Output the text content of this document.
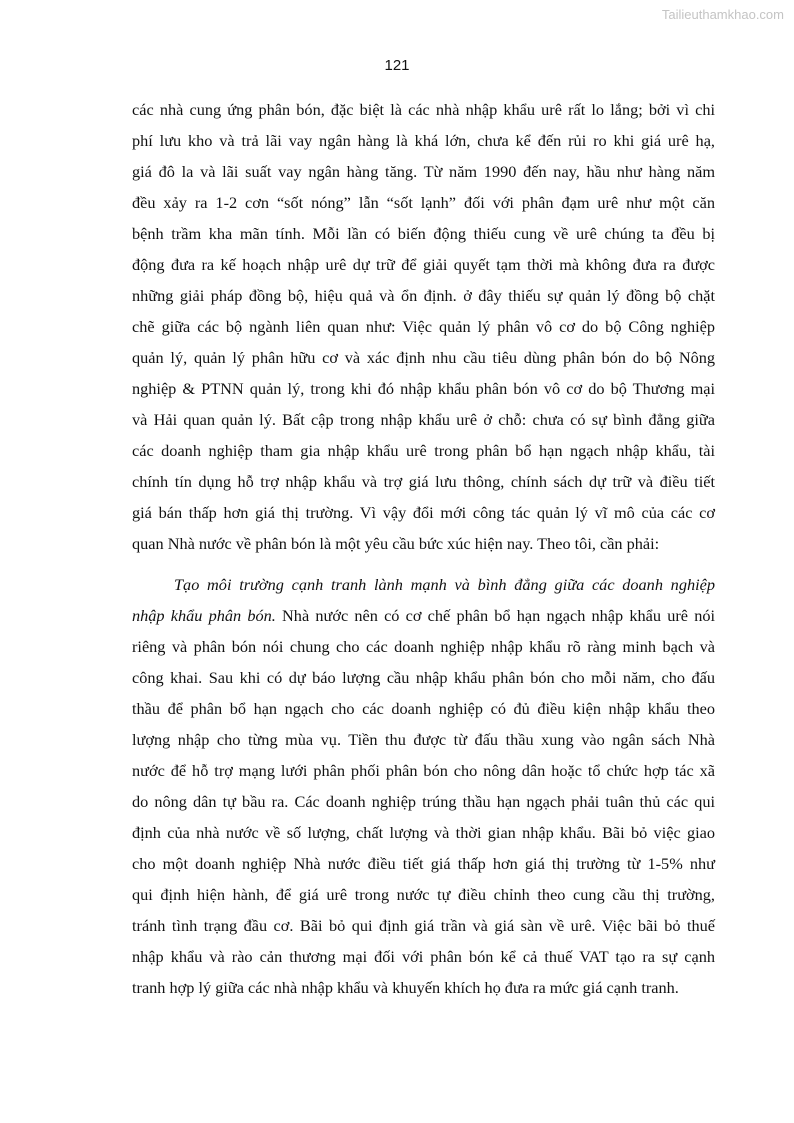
Tailieuthamkhao.com
121
các nhà cung ứng phân bón, đặc biệt là các nhà nhập khẩu urê rất lo lắng; bởi vì chi
phí lưu kho và trả lãi vay ngân hàng là khá lớn, chưa kể đến rủi ro khi giá urê hạ,
giá đô la và lãi suất vay ngân hàng tăng. Từ năm 1990 đến nay, hầu như hàng năm
đều xảy ra 1-2 cơn “sốt nóng” lẫn “sốt lạnh” đối với phân đạm urê như một căn
bệnh trầm kha mãn tính. Mỗi lần có biến động thiếu cung về urê chúng ta đều bị
động đưa ra kế hoạch nhập urê dự trữ để giải quyết tạm thời mà không đưa ra được
những giải pháp đồng bộ, hiệu quả và ổn định. ở đây thiếu sự quản lý đồng bộ chặt
chẽ giữa các bộ ngành liên quan như: Việc quản lý phân vô cơ do bộ Công nghiệp
quản lý, quản lý phân hữu cơ và xác định nhu cầu tiêu dùng phân bón do bộ Nông
nghiệp & PTNN quản lý, trong khi đó nhập khẩu phân bón vô cơ do bộ Thương mại
và Hải quan quản lý. Bất cập trong nhập khẩu urê ở chỗ: chưa có sự bình đẳng giữa
các doanh nghiệp tham gia nhập khẩu urê trong phân bổ hạn ngạch nhập khẩu, tài
chính tín dụng hỗ trợ nhập khẩu và trợ giá lưu thông, chính sách dự trữ và điều tiết
giá bán thấp hơn giá thị trường. Vì vậy đổi mới công tác quản lý vĩ mô của các cơ
quan Nhà nước về phân bón là một yêu cầu bức xúc hiện nay. Theo tôi, cần phải:
Tạo môi trường cạnh tranh lành mạnh và bình đẳng giữa các doanh nghiệp
nhập khẩu phân bón. Nhà nước nên có cơ chế phân bổ hạn ngạch nhập khẩu urê nói
riêng và phân bón nói chung cho các doanh nghiệp nhập khẩu rõ ràng minh bạch và
công khai. Sau khi có dự báo lượng cầu nhập khẩu phân bón cho mỗi năm, cho đấu
thầu để phân bổ hạn ngạch cho các doanh nghiệp có đủ điều kiện nhập khẩu theo
lượng nhập cho từng mùa vụ. Tiền thu được từ đấu thầu xung vào ngân sách Nhà
nước để hỗ trợ mạng lưới phân phối phân bón cho nông dân hoặc tổ chức hợp tác xã
do nông dân tự bầu ra. Các doanh nghiệp trúng thầu hạn ngạch phải tuân thủ các qui
định của nhà nước về số lượng, chất lượng và thời gian nhập khẩu. Bãi bỏ việc giao
cho một doanh nghiệp Nhà nước điều tiết giá thấp hơn giá thị trường từ 1-5% như
qui định hiện hành, để giá urê trong nước tự điều chỉnh theo cung cầu thị trường,
tránh tình trạng đầu cơ. Bãi bỏ qui định giá trần và giá sàn về urê. Việc bãi bỏ thuế
nhập khẩu và rào cản thương mại đối với phân bón kể cả thuế VAT tạo ra sự cạnh
tranh hợp lý giữa các nhà nhập khẩu và khuyến khích họ đưa ra mức giá cạnh tranh.
